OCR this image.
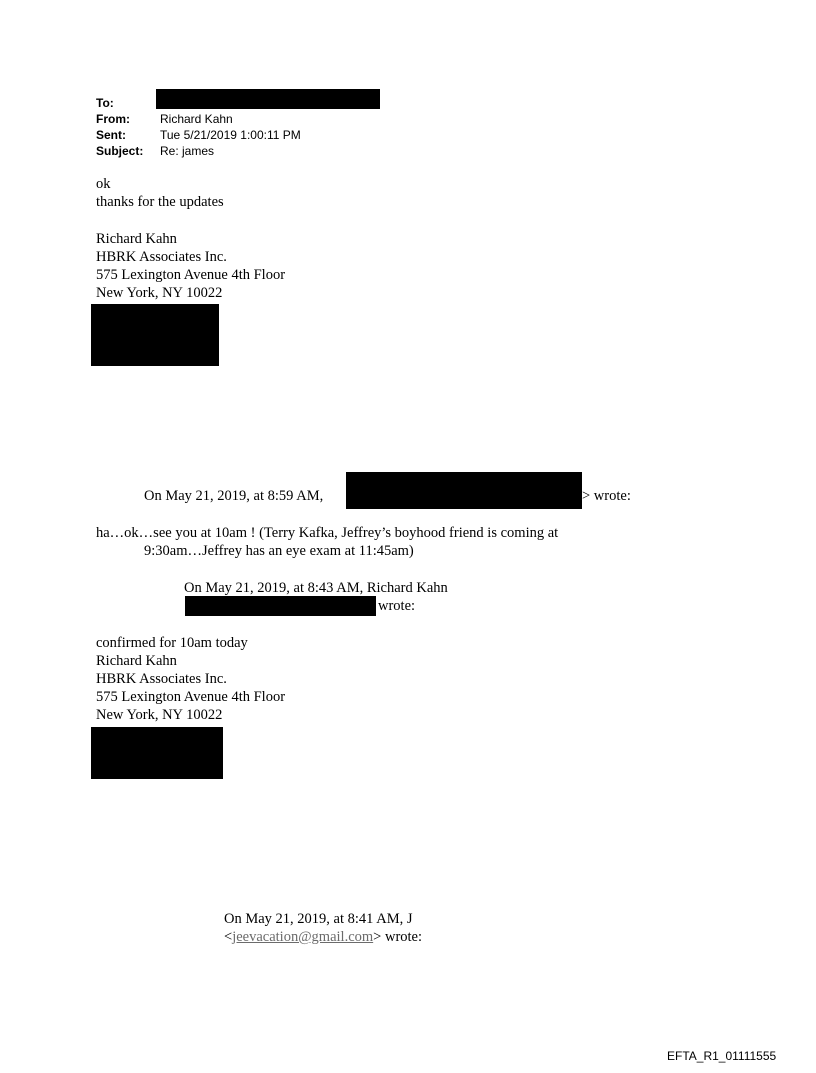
To:
From:	Richard Kahn
Sent:	Tue 5/21/2019 1:00:11 PM
Subject: Re: james
ok
thanks for the updates
Richard Kahn
HBRK Associates Inc.
575 Lexington Avenue 4th Floor
New York, NY 10022
On May 21, 2019, at 8:59 AM,	> wrote:
ha…ok…see you at 10am ! (Terry Kafka, Jeffrey’s boyhood friend is coming at
9:30am…Jeffrey has an eye exam at 11:45am)
On May 21, 2019, at 8:43 AM, Richard Kahn
wrote:
confirmed for 10am today
Richard Kahn
HBRK Associates Inc.
575 Lexington Avenue 4th Floor
New York, NY 10022
On May 21, 2019, at 8:41 AM, J
<jeevacation@gmail.com> wrote:
EFTA_R1_01111555
